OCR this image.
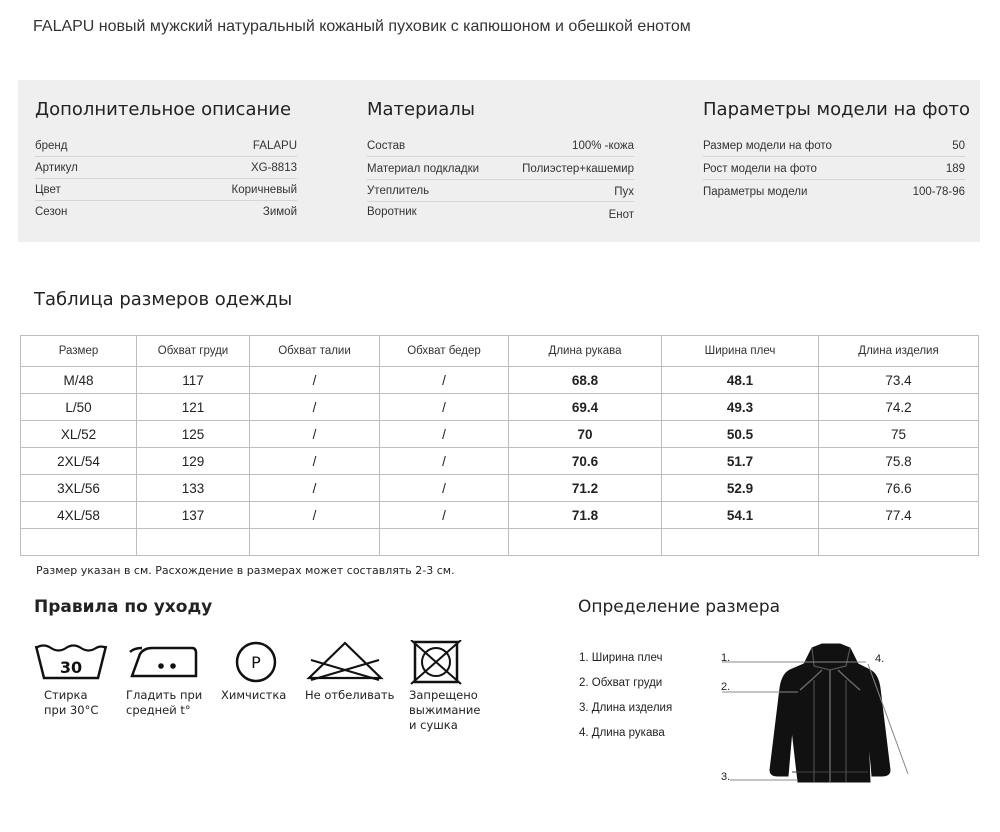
FALAPU новый мужский натуральный кожаный пуховик с капюшоном и обешкой енотом
Дополнительное описание
бренд	FALAPU
Артикул	XG-8813
Цвет	Коричневый
Сезон	Зимой
Материалы
Состав	100% -кожа
Материал подкладки	Полиэстер+кашемир
Утеплитель	Пух
Воротник	Енот
Параметры модели на фото
Размер модели на фото	50
Рост модели на фото	189
Параметры модели	100-78-96
Таблица размеров одежды
Размер	Обхват груди	Обхват талии	Обхват бедер	Длина рукава	Ширина плеч	Длина изделия
M/48	117	/	/	68.8	48.1	73.4
L/50	121	/	/	69.4	49.3	74.2
XL/52	125	/	/	70	50.5	75
2XL/54	129	/	/	70.6	51.7	75.8
3XL/56	133	/	/	71.2	52.9	76.6
4XL/58	137	/	/	71.8	54.1	77.4

Размер указан в см. Расхождение в размерах может составлять 2-3 см.
Правила по уходу
30
Стирка
при 30°C
Гладить при
средней t°
P
Химчистка Не отбеливать Запрещено
выжимание
и сушка
Определение размера
1. Ширина плеч
2. Обхват груди
3. Длина изделия
4. Длина рукава
1.
2.
3.
4.
